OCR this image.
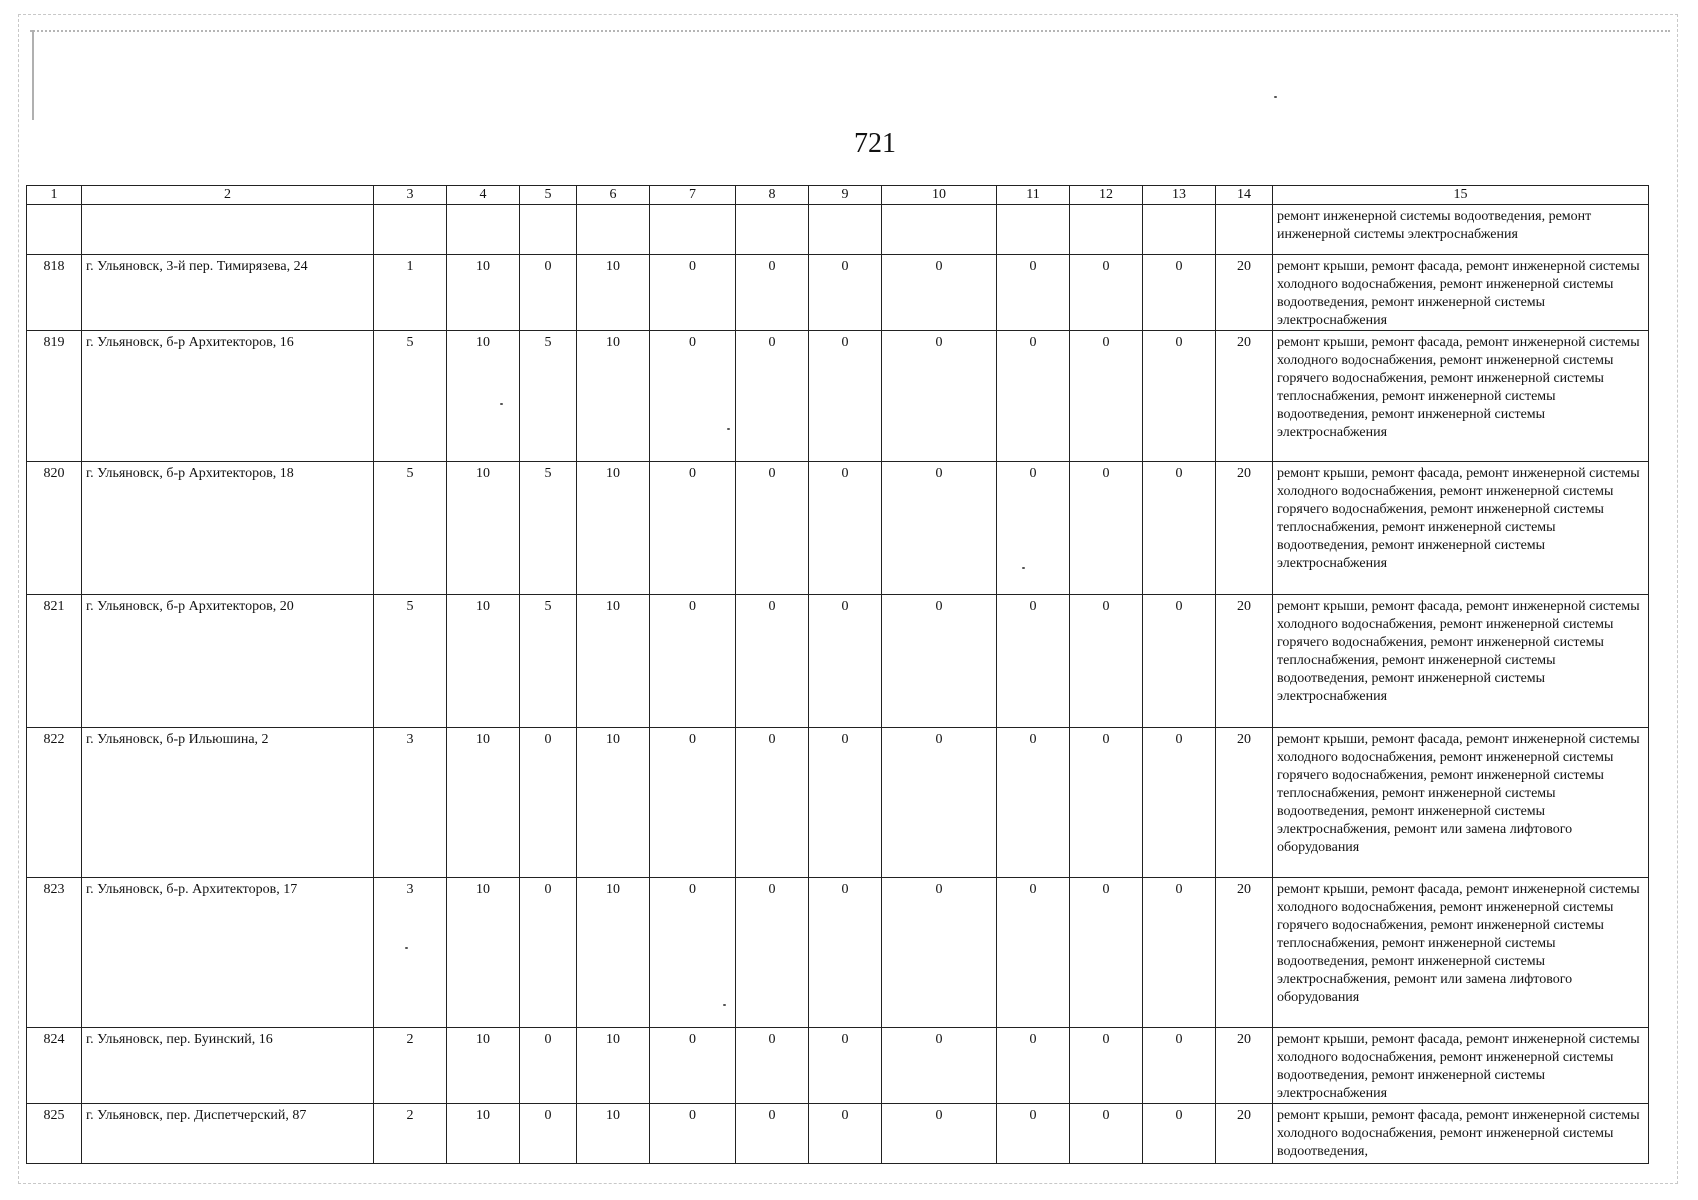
721
1	2	3	4	5	6	7	8	9	10	11	12	13	14	15
														ремонт инженерной системы водоотведения, ремонт инженерной системы электроснабжения
818	г. Ульяновск, 3-й пер. Тимирязева, 24	1	10	0	10	0	0	0	0	0	0	0	20	ремонт крыши, ремонт фасада, ремонт инженерной системы холодного водоснабжения, ремонт инженерной системы водоотведения, ремонт инженерной системы электроснабжения
819	г. Ульяновск, б-р Архитекторов, 16	5	10	5	10	0	0	0	0	0	0	0	20	ремонт крыши, ремонт фасада, ремонт инженерной системы холодного водоснабжения, ремонт инженерной системы горячего водоснабжения, ремонт инженерной системы теплоснабжения, ремонт инженерной системы водоотведения, ремонт инженерной системы электроснабжения
820	г. Ульяновск, б-р Архитекторов, 18	5	10	5	10	0	0	0	0	0	0	0	20	ремонт крыши, ремонт фасада, ремонт инженерной системы холодного водоснабжения, ремонт инженерной системы горячего водоснабжения, ремонт инженерной системы теплоснабжения, ремонт инженерной системы водоотведения, ремонт инженерной системы электроснабжения
821	г. Ульяновск, б-р Архитекторов, 20	5	10	5	10	0	0	0	0	0	0	0	20	ремонт крыши, ремонт фасада, ремонт инженерной системы холодного водоснабжения, ремонт инженерной системы горячего водоснабжения, ремонт инженерной системы теплоснабжения, ремонт инженерной системы водоотведения, ремонт инженерной системы электроснабжения
822	г. Ульяновск, б-р Ильюшина, 2	3	10	0	10	0	0	0	0	0	0	0	20	ремонт крыши, ремонт фасада, ремонт инженерной системы холодного водоснабжения, ремонт инженерной системы горячего водоснабжения, ремонт инженерной системы теплоснабжения, ремонт инженерной системы водоотведения, ремонт инженерной системы электроснабжения, ремонт или замена лифтового оборудования
823	г. Ульяновск, б-р. Архитекторов, 17	3	10	0	10	0	0	0	0	0	0	0	20	ремонт крыши, ремонт фасада, ремонт инженерной системы холодного водоснабжения, ремонт инженерной системы горячего водоснабжения, ремонт инженерной системы теплоснабжения, ремонт инженерной системы водоотведения, ремонт инженерной системы электроснабжения, ремонт или замена лифтового оборудования
824	г. Ульяновск, пер. Буинский, 16	2	10	0	10	0	0	0	0	0	0	0	20	ремонт крыши, ремонт фасада, ремонт инженерной системы холодного водоснабжения, ремонт инженерной системы водоотведения, ремонт инженерной системы электроснабжения
825	г. Ульяновск, пер. Диспетчерский, 87	2	10	0	10	0	0	0	0	0	0	0	20	ремонт крыши, ремонт фасада, ремонт инженерной системы холодного водоснабжения, ремонт инженерной системы водоотведения,
